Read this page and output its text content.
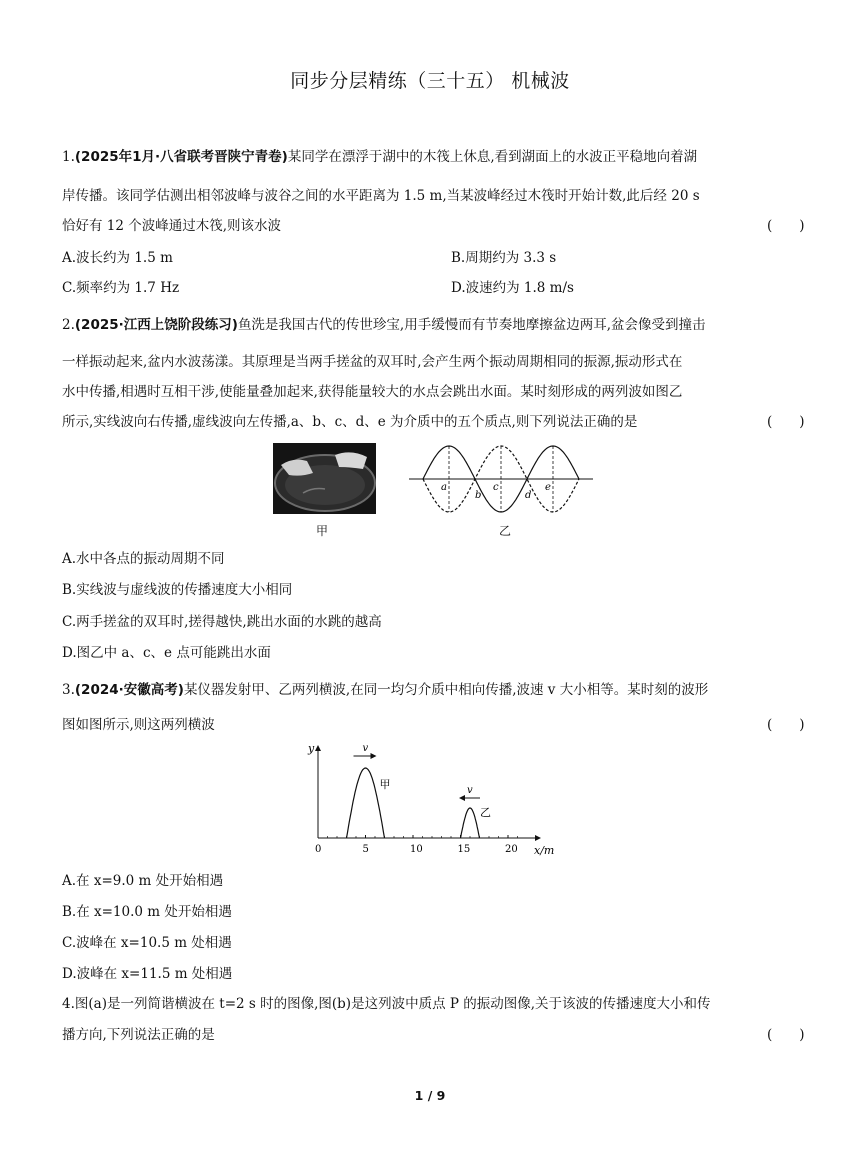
同步分层精练（三十五） 机械波
1.(2025年1月·八省联考晋陕宁青卷)某同学在漂浮于湖中的木筏上休息,看到湖面上的水波正平稳地向着湖
岸传播。该同学估测出相邻波峰与波谷之间的水平距离为 1.5 m,当某波峰经过木筏时开始计数,此后经 20 s
恰好有 12 个波峰通过木筏,则该水波	(　　)
A.波长约为 1.5 m	B.周期约为 3.3 s
C.频率约为 1.7 Hz	D.波速约为 1.8 m/s
2.(2025·江西上饶阶段练习)鱼洗是我国古代的传世珍宝,用手缓慢而有节奏地摩擦盆边两耳,盆会像受到撞击
一样振动起来,盆内水波荡漾。其原理是当两手搓盆的双耳时,会产生两个振动周期相同的振源,振动形式在
水中传播,相遇时互相干涉,使能量叠加起来,获得能量较大的水点会跳出水面。某时刻形成的两列波如图乙
所示,实线波向右传播,虚线波向左传播,a、b、c、d、e 为介质中的五个质点,则下列说法正确的是	(　　)
甲
a
b
c
d
e
乙
A.水中各点的振动周期不同
B.实线波与虚线波的传播速度大小相同
C.两手搓盆的双耳时,搓得越快,跳出水面的水跳的越高
D.图乙中 a、c、e 点可能跳出水面
3.(2024·安徽高考)某仪器发射甲、乙两列横波,在同一均匀介质中相向传播,波速 v 大小相等。某时刻的波形
图如图所示,则这两列横波	(　　)
y
x/m
0	5	10	15	20
v
v
甲
乙
A.在 x=9.0 m 处开始相遇
B.在 x=10.0 m 处开始相遇
C.波峰在 x=10.5 m 处相遇
D.波峰在 x=11.5 m 处相遇
4.图(a)是一列简谐横波在 t=2 s 时的图像,图(b)是这列波中质点 P 的振动图像,关于该波的传播速度大小和传
播方向,下列说法正确的是	(　　)
1 / 9
